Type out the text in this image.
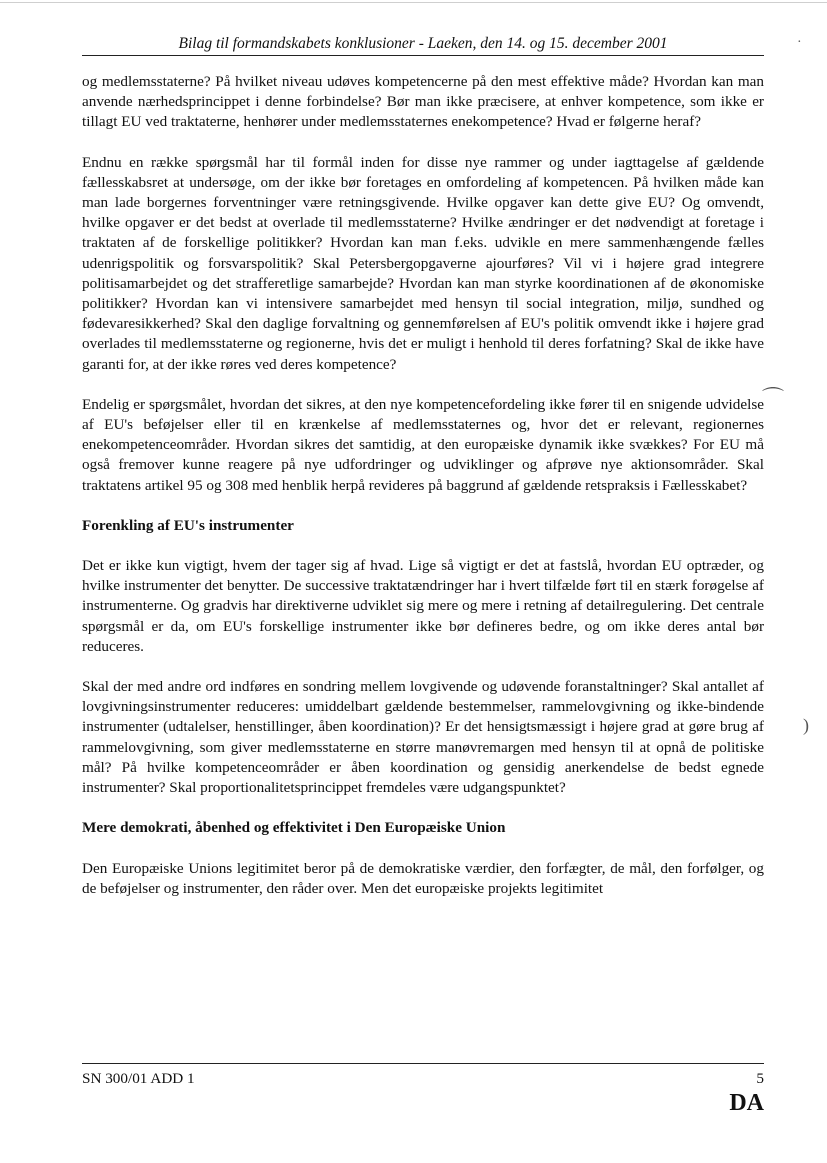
Bilag til formandskabets konklusioner - Laeken, den 14. og 15. december 2001

og medlemsstaterne? På hvilket niveau udøves kompetencerne på den mest effektive måde? Hvordan kan man anvende nærhedsprincippet i denne forbindelse? Bør man ikke præcisere, at enhver kompetence, som ikke er tillagt EU ved traktaterne, henhører under medlemsstaternes enekompetence? Hvad er følgerne heraf?

Endnu en række spørgsmål har til formål inden for disse nye rammer og under iagttagelse af gældende fællesskabsret at undersøge, om der ikke bør foretages en omfordeling af kompetencen. På hvilken måde kan man lade borgernes forventninger være retningsgivende. Hvilke opgaver kan dette give EU? Og omvendt, hvilke opgaver er det bedst at overlade til medlemsstaterne? Hvilke ændringer er det nødvendigt at foretage i traktaten af de forskellige politikker? Hvordan kan man f.eks. udvikle en mere sammenhængende fælles udenrigspolitik og forsvarspolitik? Skal Petersbergopgaverne ajourføres? Vil vi i højere grad integrere politisamarbejdet og det strafferetlige samarbejde? Hvordan kan man styrke koordinationen af de økonomiske politikker? Hvordan kan vi intensivere samarbejdet med hensyn til social integration, miljø, sundhed og fødevaresikkerhed? Skal den daglige forvaltning og gennemførelsen af EU's politik omvendt ikke i højere grad overlades til medlemsstaterne og regionerne, hvis det er muligt i henhold til deres forfatning? Skal de ikke have garanti for, at der ikke røres ved deres kompetence?

Endelig er spørgsmålet, hvordan det sikres, at den nye kompetencefordeling ikke fører til en snigende udvidelse af EU's beføjelser eller til en krænkelse af medlemsstaternes og, hvor det er relevant, regionernes enekompetenceområder. Hvordan sikres det samtidig, at den europæiske dynamik ikke svækkes? For EU må også fremover kunne reagere på nye udfordringer og udviklinger og afprøve nye aktionsområder. Skal traktatens artikel 95 og 308 med henblik herpå revideres på baggrund af gældende retspraksis i Fællesskabet?

Forenkling af EU's instrumenter

Det er ikke kun vigtigt, hvem der tager sig af hvad. Lige så vigtigt er det at fastslå, hvordan EU optræder, og hvilke instrumenter det benytter. De successive traktatændringer har i hvert tilfælde ført til en stærk forøgelse af instrumenterne. Og gradvis har direktiverne udviklet sig mere og mere i retning af detailregulering. Det centrale spørgsmål er da, om EU's forskellige instrumenter ikke bør defineres bedre, og om ikke deres antal bør reduceres.

Skal der med andre ord indføres en sondring mellem lovgivende og udøvende foranstaltninger? Skal antallet af lovgivningsinstrumenter reduceres: umiddelbart gældende bestemmelser, rammelovgivning og ikke-bindende instrumenter (udtalelser, henstillinger, åben koordination)? Er det hensigtsmæssigt i højere grad at gøre brug af rammelovgivning, som giver medlemsstaterne en større manøvremargen med hensyn til at opnå de politiske mål? På hvilke kompetenceområder er åben koordination og gensidig anerkendelse de bedst egnede instrumenter? Skal proportionalitetsprincippet fremdeles være udgangspunktet?

Mere demokrati, åbenhed og effektivitet i Den Europæiske Union

Den Europæiske Unions legitimitet beror på de demokratiske værdier, den forfægter, de mål, den forfølger, og de beføjelser og instrumenter, den råder over. Men det europæiske projekts legitimitet

·
⌒
)
SN 300/01 ADD 1	5
DA
